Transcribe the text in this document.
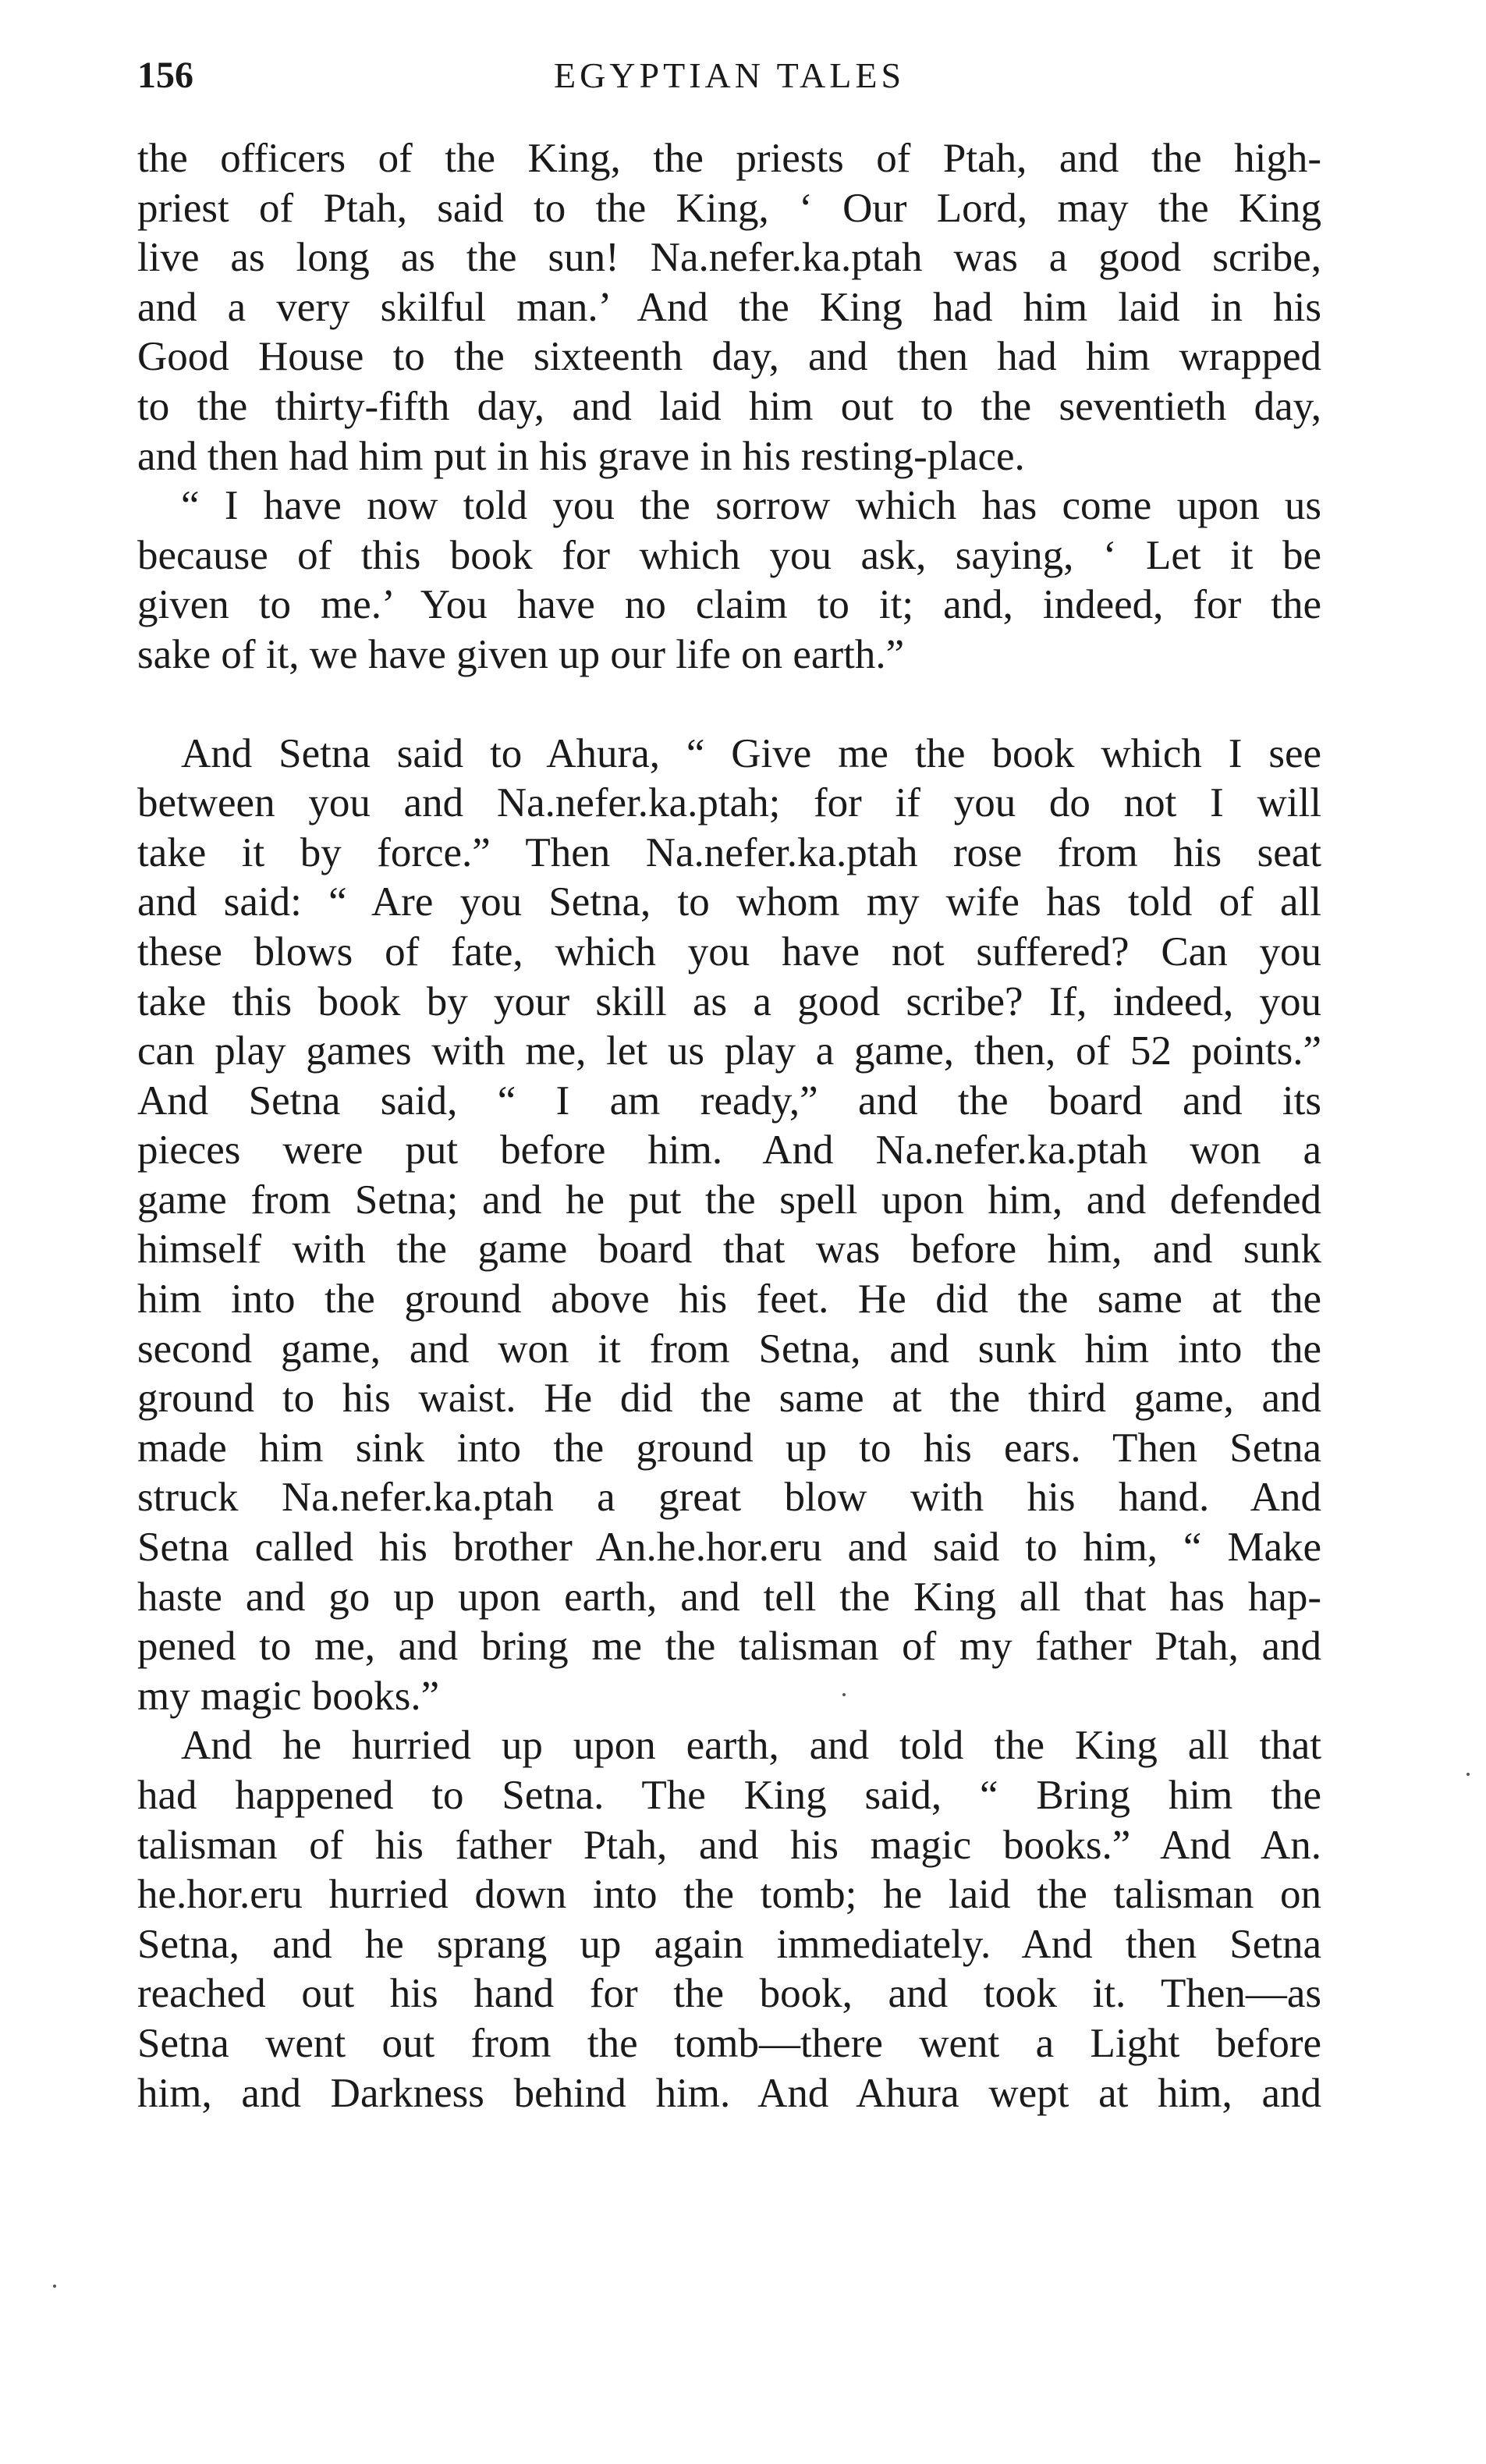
156	EGYPTIAN TALES
the officers of the King, the priests of Ptah, and the high-
priest of Ptah, said to the King, ‘ Our Lord, may the King
live as long as the sun! Na.nefer.ka.ptah was a good scribe,
and a very skilful man.’ And the King had him laid in his
Good House to the sixteenth day, and then had him wrapped
to the thirty-fifth day, and laid him out to the seventieth day,
and then had him put in his grave in his resting-place.
“ I have now told you the sorrow which has come upon us
because of this book for which you ask, saying, ‘ Let it be
given to me.’ You have no claim to it; and, indeed, for the
sake of it, we have given up our life on earth.”
And Setna said to Ahura, “ Give me the book which I see
between you and Na.nefer.ka.ptah; for if you do not I will
take it by force.” Then Na.nefer.ka.ptah rose from his seat
and said: “ Are you Setna, to whom my wife has told of all
these blows of fate, which you have not suffered? Can you
take this book by your skill as a good scribe? If, indeed, you
can play games with me, let us play a game, then, of 52 points.”
And Setna said, “ I am ready,” and the board and its
pieces were put before him. And Na.nefer.ka.ptah won a
game from Setna; and he put the spell upon him, and defended
himself with the game board that was before him, and sunk
him into the ground above his feet. He did the same at the
second game, and won it from Setna, and sunk him into the
ground to his waist. He did the same at the third game, and
made him sink into the ground up to his ears. Then Setna
struck Na.nefer.ka.ptah a great blow with his hand. And
Setna called his brother An.he.hor.eru and said to him, “ Make
haste and go up upon earth, and tell the King all that has hap-
pened to me, and bring me the talisman of my father Ptah, and
my magic books.”
And he hurried up upon earth, and told the King all that
had happened to Setna. The King said, “ Bring him the
talisman of his father Ptah, and his magic books.” And An.
he.hor.eru hurried down into the tomb; he laid the talisman on
Setna, and he sprang up again immediately. And then Setna
reached out his hand for the book, and took it. Then—as
Setna went out from the tomb—there went a Light before
him, and Darkness behind him. And Ahura wept at him, and
